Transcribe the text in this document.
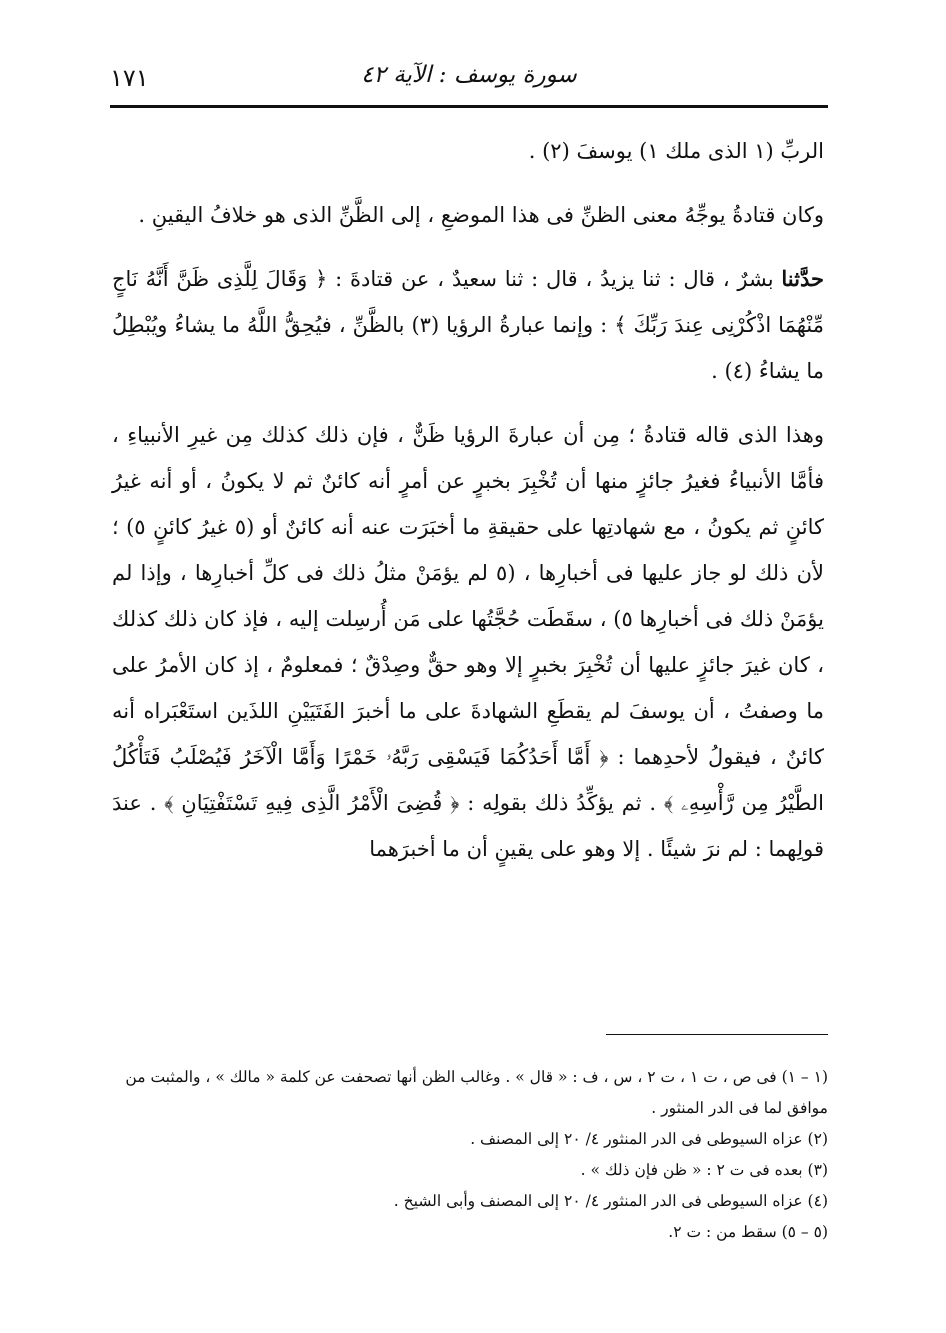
١٧١	سورة يوسف : الآية ٤٢

الربِّ (١ الذى ملك ١) يوسفَ (٢) .

وكان قتادةُ يوجِّهُ معنى الظنِّ فى هذا الموضعِ ، إلى الظَّنِّ الذى هو خلافُ اليقينِ .

حدَّثنا بشرٌ ، قال : ثنا يزيدُ ، قال : ثنا سعيدٌ ، عن قتادةَ : ﴿ وَقَالَ لِلَّذِى ظَنَّ أَنَّهُ نَاجٍ مِّنْهُمَا اذْكُرْنِى عِندَ رَبِّكَ ﴾ : وإنما عبارةُ الرؤيا (٣) بالظَّنِّ ، فيُحِقُّ اللَّهُ ما يشاءُ ويُبْطِلُ ما يشاءُ (٤) .

وهذا الذى قاله قتادةُ ؛ مِن أن عبارةَ الرؤيا ظَنٌّ ، فإن ذلك كذلك مِن غيرِ الأنبياءِ ، فأمَّا الأنبياءُ فغيرُ جائزٍ منها أن تُخْبِرَ بخبرٍ عن أمرٍ أنه كائنٌ ثم لا يكونُ ، أو أنه غيرُ كائنٍ ثم يكونُ ، مع شهادتِها على حقيقةِ ما أخبَرَت عنه أنه كائنٌ أو (٥ غيرُ كائنٍ ٥) ؛ لأن ذلك لو جاز عليها فى أخبارِها ، (٥ لم يؤمَنْ مثلُ ذلك فى كلِّ أخبارِها ، وإذا لم يؤمَنْ ذلك فى أخبارِها ٥) ، سقَطَت حُجَّتُها على مَن أُرسِلت إليه ، فإذ كان ذلك كذلك ، كان غيرَ جائزٍ عليها أن تُخْبِرَ بخبرٍ إلا وهو حقٌّ وصِدْقٌ ؛ فمعلومٌ ، إذ كان الأمرُ على ما وصفتُ ، أن يوسفَ لم يقطَعِ الشهادةَ على ما أخبرَ الفَتَيَيْنِ اللذَين استَعْبَراه أنه كائنٌ ، فيقولُ لأحدِهما : ﴿ أَمَّا أَحَدُكُمَا فَيَسْقِى رَبَّهُۥ خَمْرًا وَأَمَّا الْآخَرُ فَيُصْلَبُ فَتَأْكُلُ الطَّيْرُ مِن رَّأْسِهِۦ ﴾ . ثم يؤكِّدُ ذلك بقولِه : ﴿ قُضِىَ الْأَمْرُ الَّذِى فِيهِ تَسْتَفْتِيَانِ ﴾ . عندَ قولِهما : لم نرَ شيئًا . إلا وهو على يقينٍ أن ما أخبرَهما

(١ – ١) فى ص ، ت ١ ، ت ٢ ، س ، ف : « قال » . وغالب الظن أنها تصحفت عن كلمة « مالك » ، والمثبت من موافق لما فى الدر المنثور .

(٢) عزاه السيوطى فى الدر المنثور ٤/ ٢٠ إلى المصنف .

(٣) بعده فى ت ٢ : « ظن فإن ذلك » .

(٤) عزاه السيوطى فى الدر المنثور ٤/ ٢٠ إلى المصنف وأبى الشيخ .

(٥ – ٥) سقط من : ت ٢.
